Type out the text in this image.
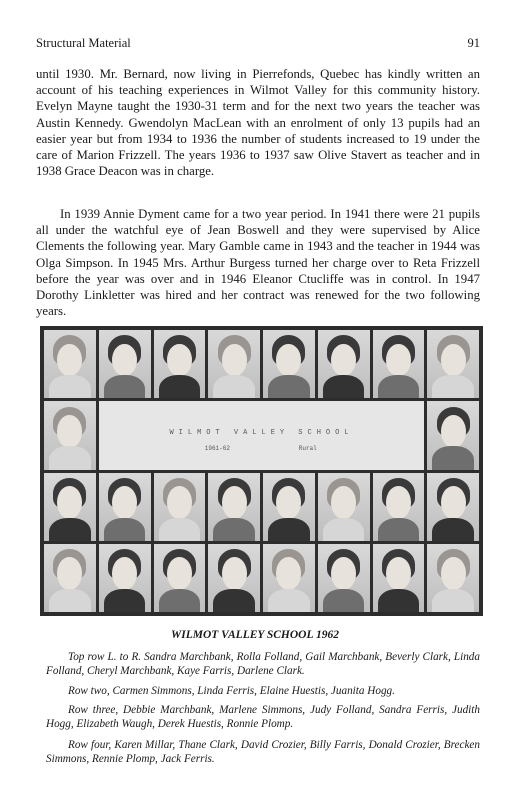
Structural Material	91

until 1930. Mr. Bernard, now living in Pierrefonds, Quebec has kindly written an account of his teaching experiences in Wilmot Valley for this community history. Evelyn Mayne taught the 1930-31 term and for the next two years the teacher was Austin Kennedy. Gwendolyn MacLean with an enrolment of only 13 pupils had an easier year but from 1934 to 1936 the number of students increased to 19 under the care of Marion Frizzell. The years 1936 to 1937 saw Olive Stavert as teacher and in 1938 Grace Deacon was in charge.

In 1939 Annie Dyment came for a two year period. In 1941 there were 21 pupils all under the watchful eye of Jean Boswell and they were supervised by Alice Clements the following year. Mary Gamble came in 1943 and the teacher in 1944 was Olga Simpson. In 1945 Mrs. Arthur Burgess turned her charge over to Reta Frizzell before the year was over and in 1946 Eleanor Ctucliffe was in control. In 1947 Dorothy Linkletter was hired and her contract was renewed for the two following years.

WILMOT VALLEY SCHOOL
1961-62	Rural
WILMOT VALLEY SCHOOL 1962

Top row L. to R. Sandra Marchbank, Rolla Folland, Gail Marchbank, Beverly Clark, Linda Folland, Cheryl Marchbank, Kaye Farris, Darlene Clark.

Row two, Carmen Simmons, Linda Ferris, Elaine Huestis, Juanita Hogg.

Row three, Debbie Marchbank, Marlene Simmons, Judy Folland, Sandra Ferris, Judith Hogg, Elizabeth Waugh, Derek Huestis, Ronnie Plomp.

Row four, Karen Millar, Thane Clark, David Crozier, Billy Farris, Donald Crozier, Brecken Simmons, Rennie Plomp, Jack Ferris.
